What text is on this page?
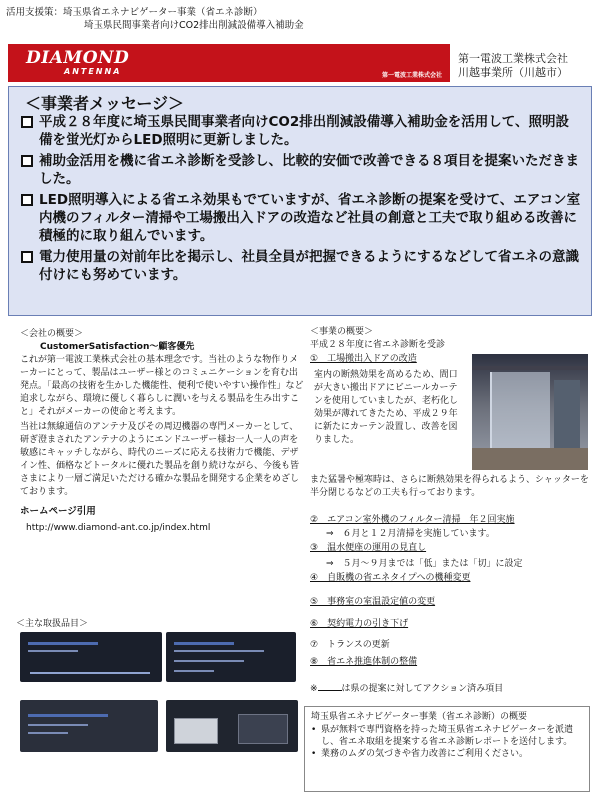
活用支援策：埼玉県省エネナビゲーター事業（省エネ診断）
埼玉県民間事業者向けCO2排出削減設備導入補助金
DIAMOND
ANTENNA	第一電波工業株式会社
第一電波工業株式会社
川越事業所（川越市）
＜事業者メッセージ＞
平成２８年度に埼玉県民間事業者向けCO2排出削減設備導入補助金を活用して、照明設備を蛍光灯からLED照明に更新しました。
補助金活用を機に省エネ診断を受診し、比較的安価で改善できる８項目を提案いただきました。
LED照明導入による省エネ効果もでていますが、省エネ診断の提案を受けて、エアコン室内機のフィルター清掃や工場搬出入ドアの改造など社員の創意と工夫で取り組める改善に積極的に取り組んでいます。
電力使用量の対前年比を掲示し、社員全員が把握できるようにするなどして省エネの意識付けにも努めています。
＜会社の概要＞
CustomerSatisfaction～顧客優先

これが第一電波工業株式会社の基本理念です。当社のような物作りメーカーにとって、製品はユーザー様とのコミュニケーションを育む出発点。「最高の技術を生かした機能性、便利で使いやすい操作性」など追求しながら、環境に優しく暮らしに潤いを与える製品を生み出すこと」それがメーカーの使命と考えます。

当社は無線通信のアンテナ及びその周辺機器の専門メーカーとして、研ぎ澄まされたアンテナのようにエンドユーザー様お一人一人の声を敏感にキャッチしながら、時代のニーズに応える技術力で機能、デザイン性、価格などトータルに優れた製品を創り続けながら、今後も皆さまにより一層ご満足いただける確かな製品を開発する企業をめざしております。

ホームページ引用
http://www.diamond-ant.co.jp/index.html
＜主な取扱品目＞
＜事業の概要＞
平成２８年度に省エネ診断を受診
①　工場搬出入ドアの改造
室内の断熱効果を高めるため、間口が大きい搬出ドアにビニールカーテンを使用していましたが、老朽化し効果が薄れてきたため、平成２９年に新たにカーテン設置し、改善を図りました。
また猛暑や極寒時は、さらに断熱効果を得られるよう、シャッターを半分閉じるなどの工夫も行っております。
②　エアコン室外機のフィルター清掃　年２回実施
⇒　６月と１２月清掃を実施しています。
③　温水便座の運用の見直し
⇒　５月～９月までは「低」または「切」に設定
④　自販機の省エネタイプへの機種変更
⑤　事務室の室温設定値の変更
⑥　契約電力の引き下げ
⑦　トランスの更新
⑧　省エネ推進体制の整備
※	は県の提案に対してアクション済み項目
埼玉県省エネナビゲーター事業（省エネ診断）の概要
• 県が無料で専門資格を持った埼玉県省エネナビゲーターを派遣し、省エネ取組を提案する省エネ診断レポートを送付します。
• 業務のムダの気づきや省力改善にご利用ください。
